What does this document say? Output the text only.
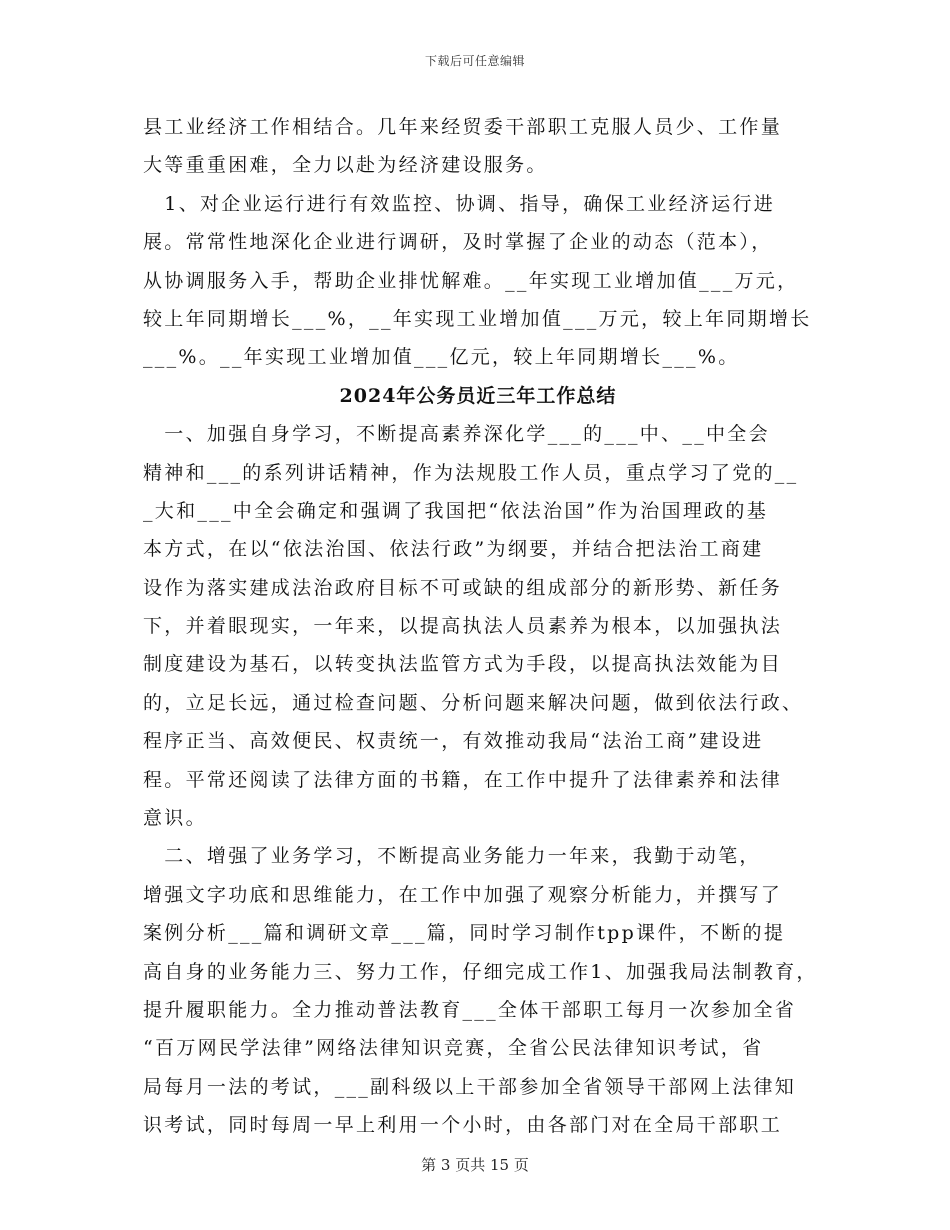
下载后可任意编辑
县工业经济工作相结合。几年来经贸委干部职工克服人员少、工作量
大等重重困难，全力以赴为经济建设服务。
　1、对企业运行进行有效监控、协调、指导，确保工业经济运行进
展。常常性地深化企业进行调研，及时掌握了企业的动态（范本），
从协调服务入手，帮助企业排忧解难。__年实现工业增加值___万元，
较上年同期增长___%，__年实现工业增加值___万元，较上年同期增长
___%。__年实现工业增加值___亿元，较上年同期增长___%。
2024年公务员近三年工作总结
　一、加强自身学习，不断提高素养深化学___的___中、__中全会
精神和___的系列讲话精神，作为法规股工作人员，重点学习了党的__
_大和___中全会确定和强调了我国把“依法治国”作为治国理政的基
本方式，在以“依法治国、依法行政”为纲要，并结合把法治工商建
设作为落实建成法治政府目标不可或缺的组成部分的新形势、新任务
下，并着眼现实，一年来，以提高执法人员素养为根本，以加强执法
制度建设为基石，以转变执法监管方式为手段，以提高执法效能为目
的，立足长远，通过检查问题、分析问题来解决问题，做到依法行政、
程序正当、高效便民、权责统一，有效推动我局“法治工商”建设进
程。平常还阅读了法律方面的书籍，在工作中提升了法律素养和法律
意识。
　二、增强了业务学习，不断提高业务能力一年来，我勤于动笔，
增强文字功底和思维能力，在工作中加强了观察分析能力，并撰写了
案例分析___篇和调研文章___篇，同时学习制作tpp课件，不断的提
高自身的业务能力三、努力工作，仔细完成工作1、加强我局法制教育，
提升履职能力。全力推动普法教育___全体干部职工每月一次参加全省
“百万网民学法律”网络法律知识竞赛，全省公民法律知识考试，省
局每月一法的考试，___副科级以上干部参加全省领导干部网上法律知
识考试，同时每周一早上利用一个小时，由各部门对在全局干部职工
第 3 页共 15 页
